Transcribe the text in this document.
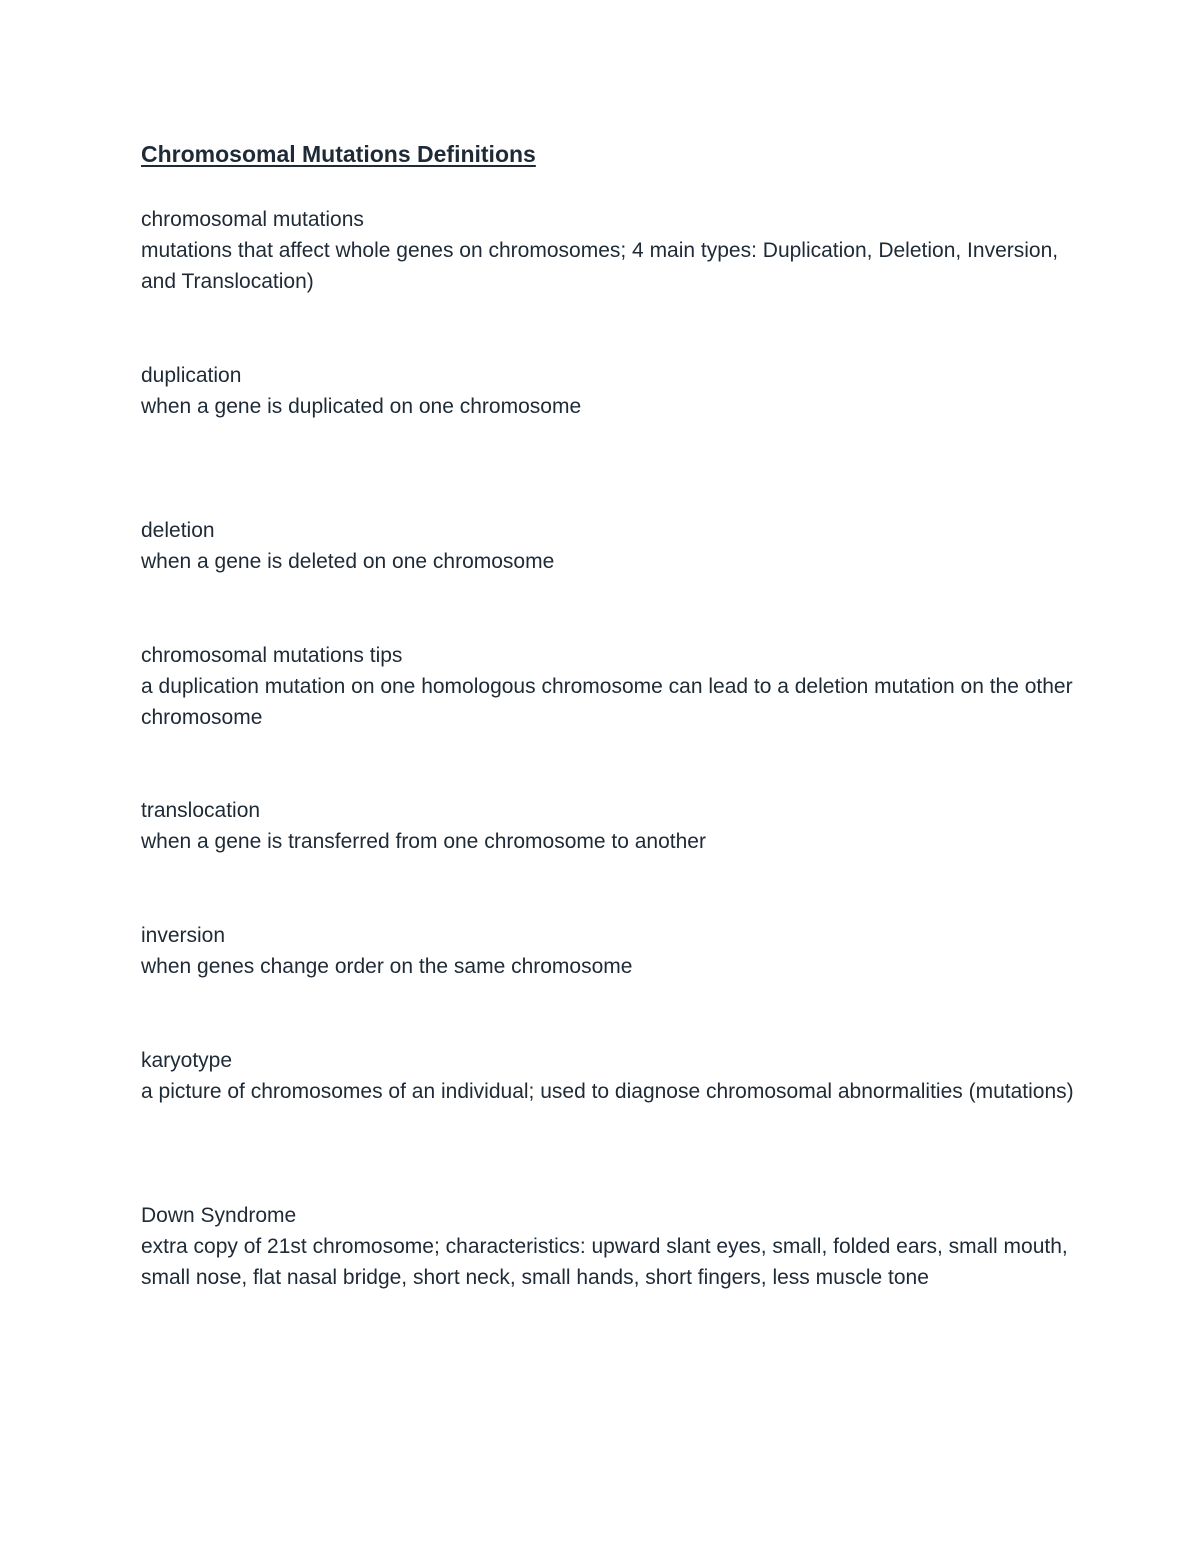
Chromosomal Mutations Definitions
chromosomal mutations
mutations that affect whole genes on chromosomes; 4 main types: Duplication, Deletion, Inversion, and Translocation)
duplication
when a gene is duplicated on one chromosome
deletion
when a gene is deleted on one chromosome
chromosomal mutations tips
a duplication mutation on one homologous chromosome can lead to a deletion mutation on the other chromosome
translocation
when a gene is transferred from one chromosome to another
inversion
when genes change order on the same chromosome
karyotype
a picture of chromosomes of an individual; used to diagnose chromosomal abnormalities (mutations)
Down Syndrome
extra copy of 21st chromosome; characteristics: upward slant eyes, small, folded ears, small mouth, small nose, flat nasal bridge, short neck, small hands, short fingers, less muscle tone
